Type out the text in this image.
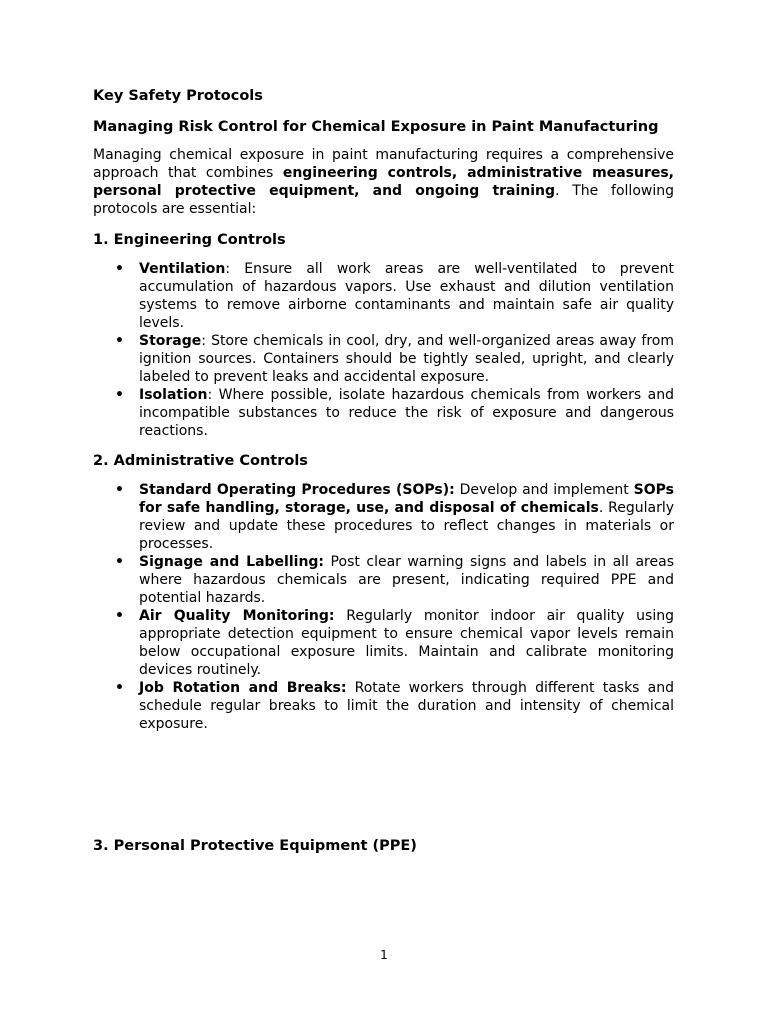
Key Safety Protocols
Managing Risk Control for Chemical Exposure in Paint Manufacturing

Managing chemical exposure in paint manufacturing requires a comprehensive approach that combines engineering controls, administrative measures, personal protective equipment, and ongoing training. The following protocols are essential:

1. Engineering Controls
• Ventilation: Ensure all work areas are well-ventilated to prevent accumulation of hazardous vapors. Use exhaust and dilution ventilation systems to remove airborne contaminants and maintain safe air quality levels.
• Storage: Store chemicals in cool, dry, and well-organized areas away from ignition sources. Containers should be tightly sealed, upright, and clearly labeled to prevent leaks and accidental exposure.
• Isolation: Where possible, isolate hazardous chemicals from workers and incompatible substances to reduce the risk of exposure and dangerous reactions.
2. Administrative Controls
• Standard Operating Procedures (SOPs): Develop and implement SOPs for safe handling, storage, use, and disposal of chemicals. Regularly review and update these procedures to reflect changes in materials or processes.
• Signage and Labelling: Post clear warning signs and labels in all areas where hazardous chemicals are present, indicating required PPE and potential hazards.
• Air Quality Monitoring: Regularly monitor indoor air quality using appropriate detection equipment to ensure chemical vapor levels remain below occupational exposure limits. Maintain and calibrate monitoring devices routinely.
• Job Rotation and Breaks: Rotate workers through different tasks and schedule regular breaks to limit the duration and intensity of chemical exposure.
3. Personal Protective Equipment (PPE)
1
